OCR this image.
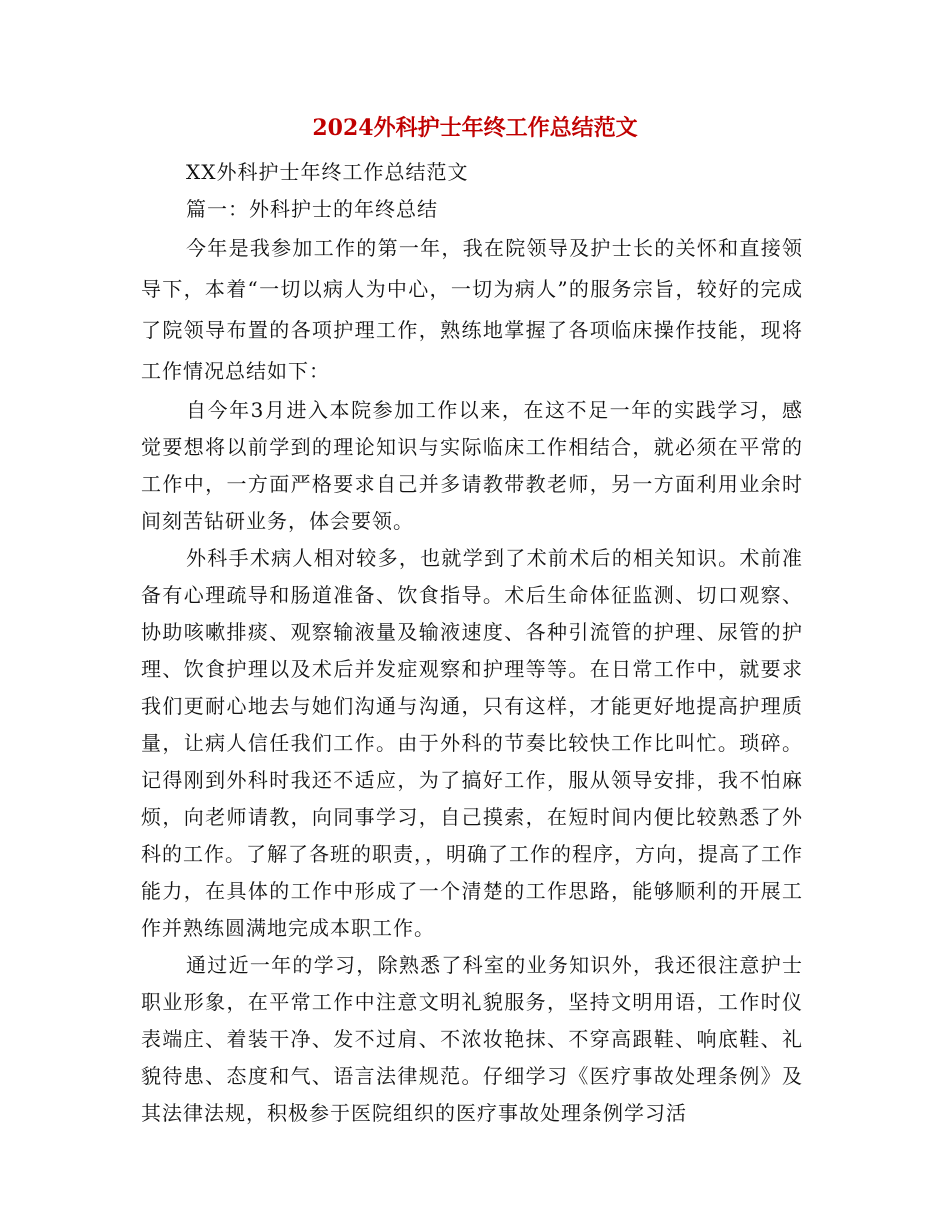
2024外科护士年终工作总结范文

XX外科护士年终工作总结范文

篇一：外科护士的年终总结

今年是我参加工作的第一年，我在院领导及护士长的关怀和直接领导下，本着“一切以病人为中心，一切为病人”的服务宗旨，较好的完成了院领导布置的各项护理工作，熟练地掌握了各项临床操作技能，现将工作情况总结如下：

自今年3月进入本院参加工作以来，在这不足一年的实践学习，感觉要想将以前学到的理论知识与实际临床工作相结合，就必须在平常的工作中，一方面严格要求自己并多请教带教老师，另一方面利用业余时间刻苦钻研业务，体会要领。

外科手术病人相对较多，也就学到了术前术后的相关知识。术前准备有心理疏导和肠道准备、饮食指导。术后生命体征监测、切口观察、协助咳嗽排痰、观察输液量及输液速度、各种引流管的护理、尿管的护理、饮食护理以及术后并发症观察和护理等等。在日常工作中，就要求我们更耐心地去与她们沟通与沟通，只有这样，才能更好地提高护理质量，让病人信任我们工作。由于外科的节奏比较快工作比叫忙。琐碎。记得刚到外科时我还不适应，为了搞好工作，服从领导安排，我不怕麻烦，向老师请教，向同事学习，自己摸索，在短时间内便比较熟悉了外科的工作。了解了各班的职责，，明确了工作的程序，方向，提高了工作能力，在具体的工作中形成了一个清楚的工作思路，能够顺利的开展工作并熟练圆满地完成本职工作。

通过近一年的学习，除熟悉了科室的业务知识外，我还很注意护士职业形象，在平常工作中注意文明礼貌服务，坚持文明用语，工作时仪表端庄、着装干净、发不过肩、不浓妆艳抹、不穿高跟鞋、响底鞋、礼貌待患、态度和气、语言法律规范。仔细学习《医疗事故处理条例》及其法律法规，积极参于医院组织的医疗事故处理条例学习活
